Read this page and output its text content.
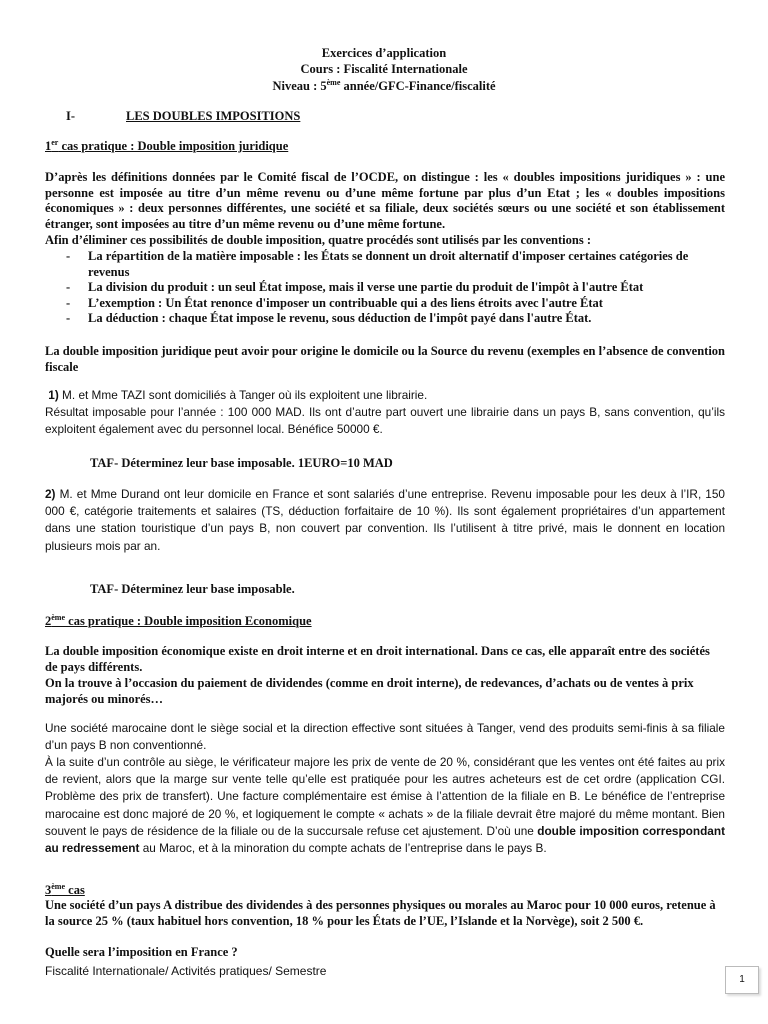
Exercices d’application
Cours : Fiscalité Internationale
Niveau : 5ème année/GFC-Finance/fiscalité
I-	LES DOUBLES IMPOSITIONS
1er cas pratique : Double imposition juridique
D’après les définitions données par le Comité fiscal de l’OCDE, on distingue : les « doubles impositions juridiques » : une personne est imposée au titre d’un même revenu ou d’une même fortune par plus d’un Etat ; les « doubles impositions économiques » : deux personnes différentes, une société et sa filiale, deux sociétés sœurs ou une société et son établissement étranger, sont imposées au titre d’un même revenu ou d’une même fortune.
Afin d’éliminer ces possibilités de double imposition, quatre procédés sont utilisés par les conventions :
- La répartition de la matière imposable : les États se donnent un droit alternatif d'imposer certaines catégories de revenus
- La division du produit : un seul État impose, mais il verse une partie du produit de l'impôt à l'autre État
- L’exemption : Un État renonce d'imposer un contribuable qui a des liens étroits avec l'autre État
- La déduction : chaque État impose le revenu, sous déduction de l'impôt payé dans l'autre État.
La double imposition juridique peut avoir pour origine le domicile ou la Source du revenu (exemples en l’absence de convention fiscale
1) M. et Mme TAZI sont domiciliés à Tanger où ils exploitent une librairie.
Résultat imposable pour l’année : 100 000 MAD. Ils ont d’autre part ouvert une librairie dans un pays B, sans convention, qu’ils exploitent également avec du personnel local. Bénéfice 50000 €.
TAF- Déterminez leur base imposable. 1EURO=10 MAD
2) M. et Mme Durand ont leur domicile en France et sont salariés d’une entreprise. Revenu imposable pour les deux à l’IR, 150 000 €, catégorie traitements et salaires (TS, déduction forfaitaire de 10 %). Ils sont également propriétaires d’un appartement dans une station touristique d’un pays B, non couvert par convention. Ils l’utilisent à titre privé, mais le donnent en location plusieurs mois par an.
TAF- Déterminez leur base imposable.
2ème cas pratique : Double imposition Economique
La double imposition économique existe en droit interne et en droit international. Dans ce cas, elle apparaît entre des sociétés de pays différents.
On la trouve à l’occasion du paiement de dividendes (comme en droit interne), de redevances, d’achats ou de ventes à prix majorés ou minorés…
Une société marocaine dont le siège social et la direction effective sont situées à Tanger, vend des produits semi-finis à sa filiale d’un pays B non conventionné.
À la suite d’un contrôle au siège, le vérificateur majore les prix de vente de 20 %, considérant que les ventes ont été faites au prix de revient, alors que la marge sur vente telle qu’elle est pratiquée pour les autres acheteurs est de cet ordre (application CGI. Problème des prix de transfert). Une facture complémentaire est émise à l’attention de la filiale en B. Le bénéfice de l’entreprise marocaine est donc majoré de 20 %, et logiquement le compte « achats » de la filiale devrait être majoré du même montant. Bien souvent le pays de résidence de la filiale ou de la succursale refuse cet ajustement. D’où une double imposition correspondant au redressement au Maroc, et à la minoration du compte achats de l’entreprise dans le pays B.
3ème cas
Une société d’un pays A distribue des dividendes à des personnes physiques ou morales au Maroc pour 10 000 euros, retenue à la source 25 % (taux habituel hors convention, 18 % pour les États de l’UE, l’Islande et la Norvège), soit 2 500 €.
Quelle sera l’imposition en France ?
Fiscalité Internationale/ Activités pratiques/ Semestre
1
